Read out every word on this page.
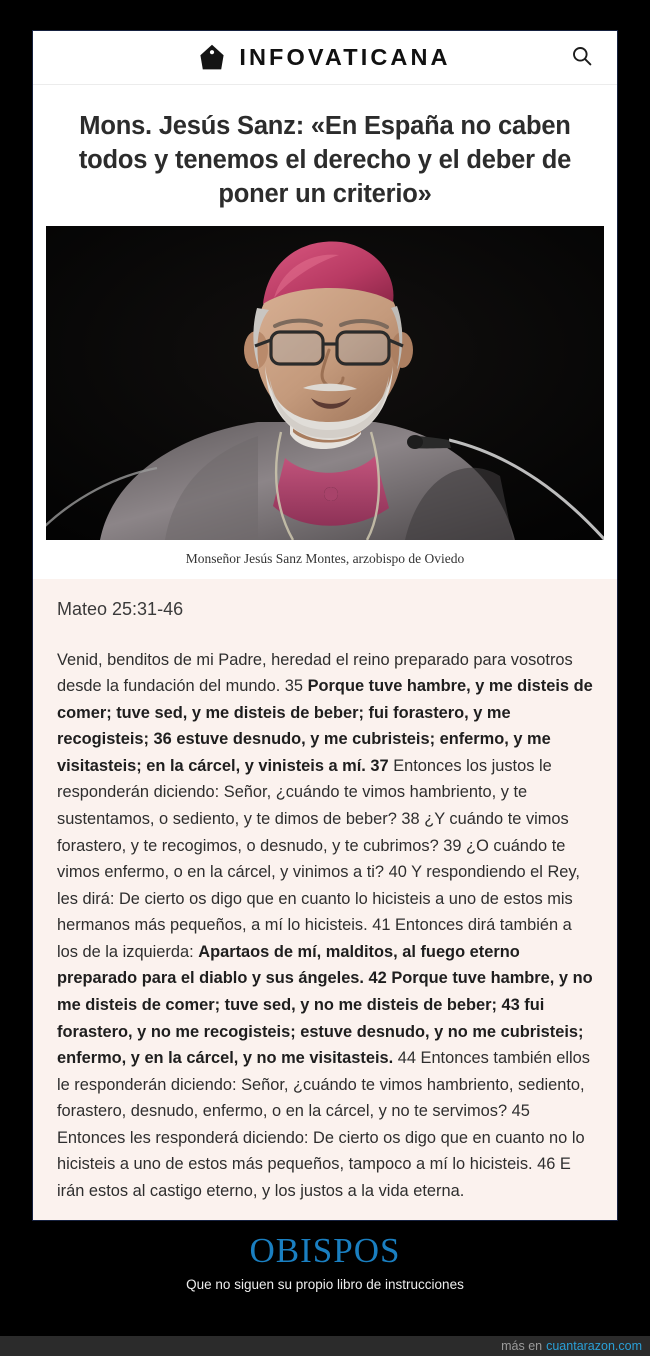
INFOVATICANA
Mons. Jesús Sanz: «En España no caben todos y tenemos el derecho y el deber de poner un criterio»
Monseñor Jesús Sanz Montes, arzobispo de Oviedo
Mateo 25:31-46

Venid, benditos de mi Padre, heredad el reino preparado para vosotros desde la fundación del mundo. 35 Porque tuve hambre, y me disteis de comer; tuve sed, y me disteis de beber; fui forastero, y me recogisteis; 36 estuve desnudo, y me cubristeis; enfermo, y me visitasteis; en la cárcel, y vinisteis a mí. 37 Entonces los justos le responderán diciendo: Señor, ¿cuándo te vimos hambriento, y te sustentamos, o sediento, y te dimos de beber? 38 ¿Y cuándo te vimos forastero, y te recogimos, o desnudo, y te cubrimos? 39 ¿O cuándo te vimos enfermo, o en la cárcel, y vinimos a ti? 40 Y respondiendo el Rey, les dirá: De cierto os digo que en cuanto lo hicisteis a uno de estos mis hermanos más pequeños, a mí lo hicisteis. 41 Entonces dirá también a los de la izquierda: Apartaos de mí, malditos, al fuego eterno preparado para el diablo y sus ángeles. 42 Porque tuve hambre, y no me disteis de comer; tuve sed, y no me disteis de beber; 43 fui forastero, y no me recogisteis; estuve desnudo, y no me cubristeis; enfermo, y en la cárcel, y no me visitasteis. 44 Entonces también ellos le responderán diciendo: Señor, ¿cuándo te vimos hambriento, sediento, forastero, desnudo, enfermo, o en la cárcel, y no te servimos? 45 Entonces les responderá diciendo: De cierto os digo que en cuanto no lo hicisteis a uno de estos más pequeños, tampoco a mí lo hicisteis. 46 E irán estos al castigo eterno, y los justos a la vida eterna.

OBISPOS

Que no siguen su propio libro de instrucciones

más en cuantarazon.com
